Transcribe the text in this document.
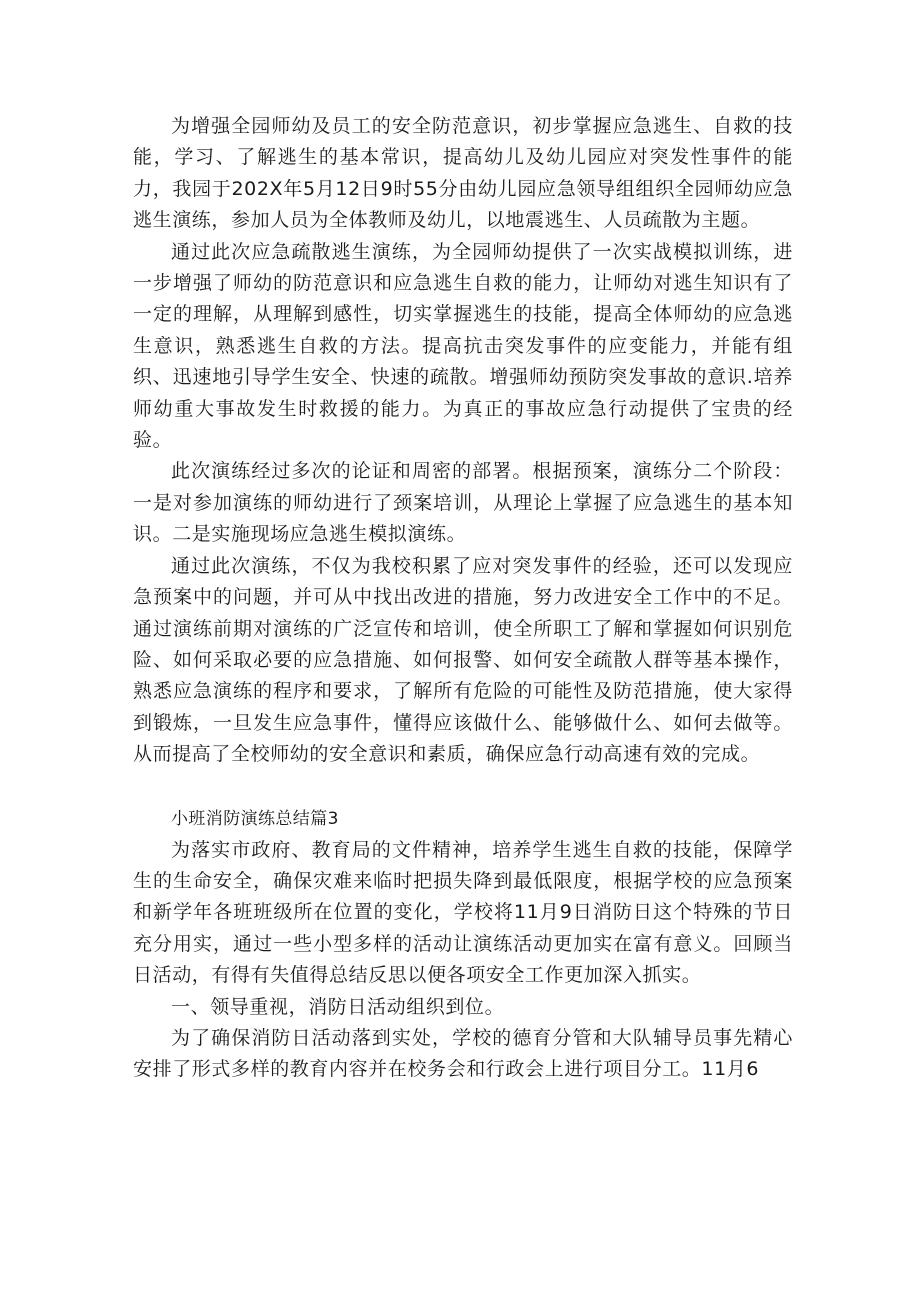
为增强全园师幼及员工的安全防范意识，初步掌握应急逃生、自救的技能，学习、了解逃生的基本常识，提高幼儿及幼儿园应对突发性事件的能力，我园于202X年5月12日9时55分由幼儿园应急领导组组织全园师幼应急逃生演练，参加人员为全体教师及幼儿，以地震逃生、人员疏散为主题。

通过此次应急疏散逃生演练，为全园师幼提供了一次实战模拟训练，进一步增强了师幼的防范意识和应急逃生自救的能力，让师幼对逃生知识有了一定的理解，从理解到感性，切实掌握逃生的技能，提高全体师幼的应急逃生意识，熟悉逃生自救的方法。提高抗击突发事件的应变能力，并能有组织、迅速地引导学生安全、快速的疏散。增强师幼预防突发事故的意识.培养师幼重大事故发生时救援的能力。为真正的事故应急行动提供了宝贵的经验。

此次演练经过多次的论证和周密的部署。根据预案，演练分二个阶段：一是对参加演练的师幼进行了颈案培训，从理论上掌握了应急逃生的基本知识。二是实施现场应急逃生模拟演练。

通过此次演练，不仅为我校积累了应对突发事件的经验，还可以发现应急预案中的问题，并可从中找出改进的措施，努力改进安全工作中的不足。通过演练前期对演练的广泛宣传和培训，使全所职工了解和掌握如何识别危险、如何采取必要的应急措施、如何报警、如何安全疏散人群等基本操作，熟悉应急演练的程序和要求，了解所有危险的可能性及防范措施，使大家得到锻炼，一旦发生应急事件，懂得应该做什么、能够做什么、如何去做等。从而提高了全校师幼的安全意识和素质，确保应急行动高速有效的完成。

小班消防演练总结篇3

为落实市政府、教育局的文件精神，培养学生逃生自救的技能，保障学生的生命安全，确保灾难来临时把损失降到最低限度，根据学校的应急预案和新学年各班班级所在位置的变化，学校将11月9日消防日这个特殊的节日充分用实，通过一些小型多样的活动让演练活动更加实在富有意义。回顾当日活动，有得有失值得总结反思以便各项安全工作更加深入抓实。

一、领导重视，消防日活动组织到位。

为了确保消防日活动落到实处，学校的德育分管和大队辅导员事先精心安排了形式多样的教育内容并在校务会和行政会上进行项目分工。11月6
